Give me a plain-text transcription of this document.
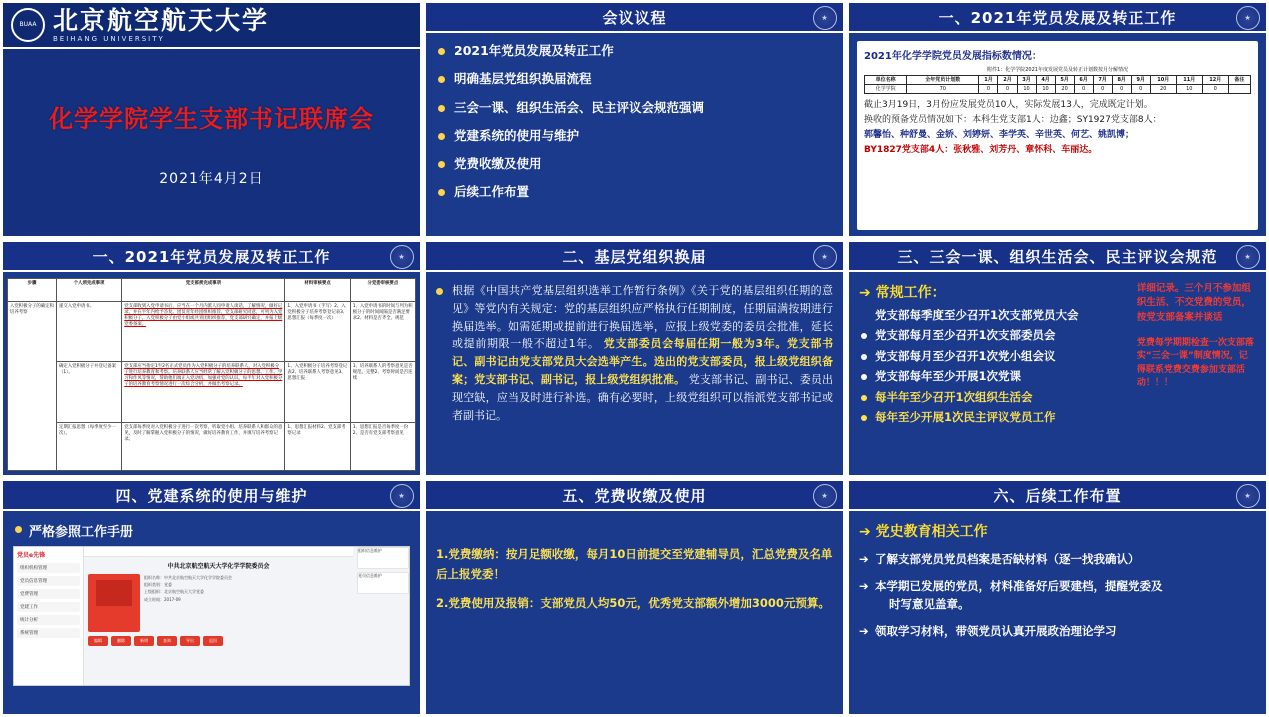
BUAA 北京航空航天大学
BEIHANG UNIVERSITY
化学学院学生支部书记联席会
2021年4月2日
会议议程	★
2021年党员发展及转正工作
明确基层党组织换届流程
三会一课、组织生活会、民主评议会规范强调
党建系统的使用与维护
党费收缴及使用
后续工作布置
一、2021年党员发展及转正工作	★
2021年化学学院党员发展指标数情况：
附件1：化学学院2021年度发展党员及转正计划数按月分解情况														
单位名称	全年党员计划数	1月	2月	3月	4月	5月	6月	7月	8月	9月	10月	11月	12月	备注
化学学院	70	0	0	10	10	20	0	0	0	0	20	10	0	

截止3月19日，3月份应发展党员10人，实际发展13人，完成既定计划。

换收的预备党员情况如下：本科生党支部1人：边鑫；SY1927党支部8人：

郭馨怡、种舒曼、金娇、刘婷妍、李学英、辛世英、何艺、姚凯博；

BY1827党支部4人：张秋雅、刘芳丹、章怀科、车丽达。

一、2021年党员发展及转正工作	★
步骤	个人须完成事项	党支部须完成事项	材料审核要点	分党委审核要点
入党积极分子的确定和培养考察	递交入党申请书。	党支部收到入党申请书后，应当在一个月内派人同申请人谈话，了解情况，做好记录，并在半年内给予答复。团员青年经团组织推荐，党支部研究同意，可列为入党积极分子。入党积极分子由党小组或共青团组织推荐，党支部研究确定，并报上级党委备案。	1、入党申请书（手写）2、入党积极分子培养考察登记表3、思想汇报（每季度一次）	1、入党申请书的时间与列为积极分子的时间间隔是否满足要求2、材料是否齐全、规范
	确定入党积极分子并登记备案（1）。	党支部应当指定1至2名正式党员作为入党积极分子的培养联系人，对入党积极分子进行培养教育和考察。培养联系人应当经常了解入党积极分子的思想、工作、学习和作风等情况，帮助他们端正入党动机，加强对党的认识。每半年对入党积极分子的培养教育考察情况进行一次综合分析，并做出考察记录。	1、入党积极分子培养考察登记表2、培养联系人考察意见3、思想汇报	1、培养联系人的考察意见是否规范、完整2、考察时间是否连续
	定期汇报思想（每季度至少一次）。	党支部每季度对入党积极分子进行一次考察，听取党小组、培养联系人和群众的意见，及时了解掌握入党积极分子的情况，做好培养教育工作，并填写培养考察记录。	1、思想汇报材料2、党支部考察记录	1、思想汇报是否每季度一份2、是否有党支部考察意见
二、基层党组织换届	★
根据《中国共产党基层组织选举工作暂行条例》《关于党的基层组织任期的意见》等党内有关规定：党的基层组织应严格执行任期制度，任期届满按期进行换届选举。如需延期或提前进行换届选举，应报上级党委的委员会批准，延长或提前期限一般不超过1年。 党支部委员会每届任期一般为3年。党支部书记、副书记由党支部党员大会选举产生。选出的党支部委员，报上级党组织备案；党支部书记、副书记，报上级党组织批准。 党支部书记、副书记、委员出现空缺，应当及时进行补选。确有必要时，上级党组织可以指派党支部书记或者副书记。
三、三会一课、组织生活会、民主评议会规范	★
➔ 常规工作：
党支部每季度至少召开1次支部党员大会
党支部每月至少召开1次支部委员会
党支部每月至少召开1次党小组会议
党支部每年至少开展1次党课
每半年至少召开1次组织生活会
每年至少开展1次民主评议党员工作
详细记录。三个月不参加组织生活、不交党费的党员，按党支部备案并谈话
党费每学期期检查一次支部落实“三会一课”制度情况，记得联系党费交费参加支部活动！！！
四、党建系统的使用与维护	★
严格参照工作手册
党员e先锋
组织机构管理
党员信息管理
党费管理
党建工作
统计分析
系统管理
中共北京航空航天大学化学学院委员会
组织名称：中共北京航空航天大学化学学院委员会
组织类别：党委
上级组织：北京航空航天大学党委
成立时间：2017-09
编辑	删除	新增	查询	导出	返回
组织信息维护
党员信息维护
五、党费收缴及使用	★

1.党费缴纳：按月足额收缴，每月10日前提交至党建辅导员，汇总党费及名单后上报党委！

2.党费使用及报销：支部党员人均50元，优秀党支部额外增加3000元预算。

六、后续工作布置	★
➔ 党史教育相关工作

➔ 了解支部党员党员档案是否缺材料（逐一找我确认）

➔ 本学期已发展的党员，材料准备好后要建档，提醒党委及

时写意见盖章。

➔ 领取学习材料，带领党员认真开展政治理论学习
